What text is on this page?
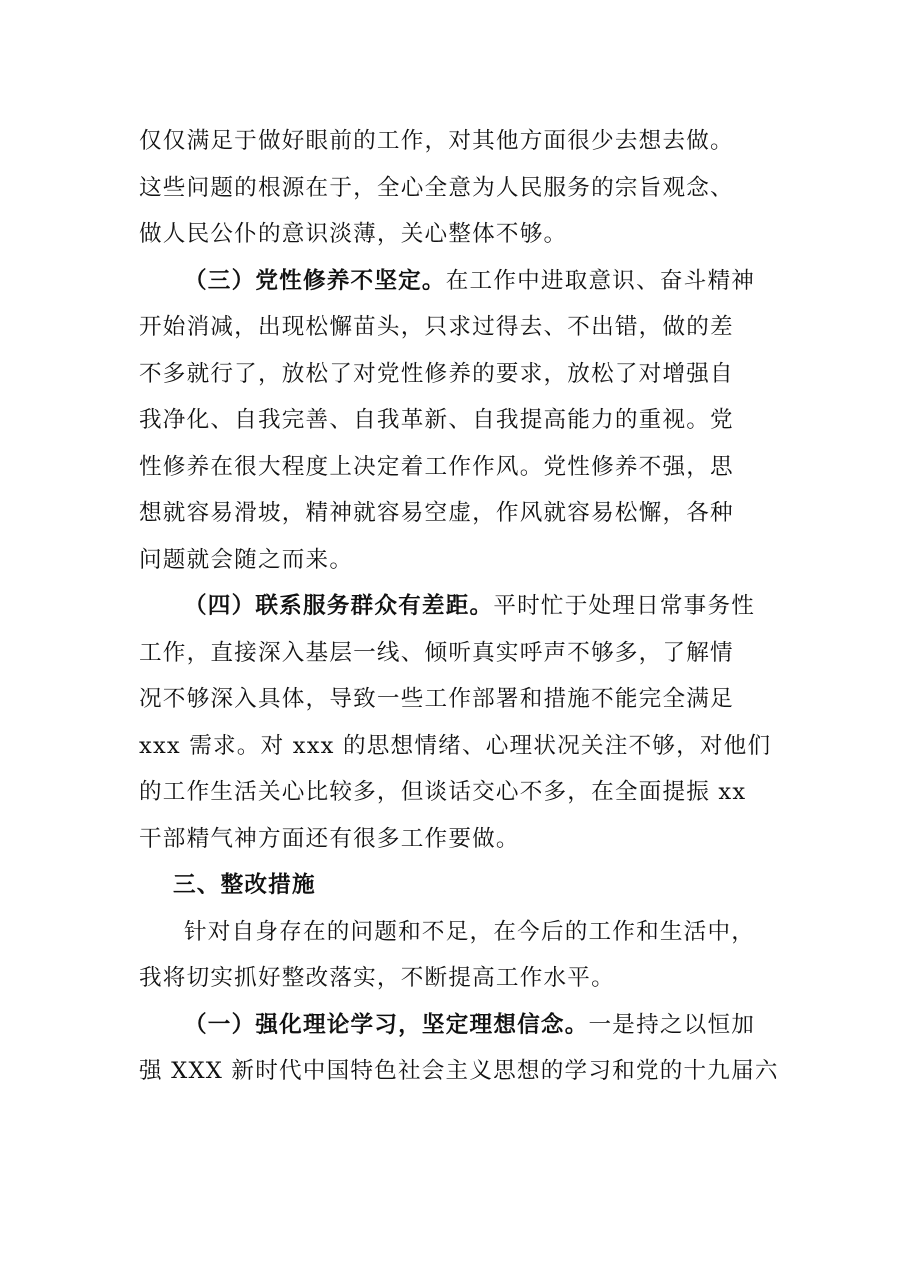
仅仅满足于做好眼前的工作，对其他方面很少去想去做。
这些问题的根源在于，全心全意为人民服务的宗旨观念、
做人民公仆的意识淡薄，关心整体不够。
（三）党性修养不坚定。在工作中进取意识、奋斗精神
开始消减，出现松懈苗头，只求过得去、不出错，做的差
不多就行了，放松了对党性修养的要求，放松了对增强自
我净化、自我完善、自我革新、自我提高能力的重视。党
性修养在很大程度上决定着工作作风。党性修养不强，思
想就容易滑坡，精神就容易空虚，作风就容易松懈，各种
问题就会随之而来。
（四）联系服务群众有差距。平时忙于处理日常事务性
工作，直接深入基层一线、倾听真实呼声不够多，了解情
况不够深入具体，导致一些工作部署和措施不能完全满足
xxx 需求。对 xxx 的思想情绪、心理状况关注不够，对他们
的工作生活关心比较多，但谈话交心不多，在全面提振 xx
干部精气神方面还有很多工作要做。
三、整改措施
针对自身存在的问题和不足，在今后的工作和生活中，
我将切实抓好整改落实，不断提高工作水平。
（一）强化理论学习，坚定理想信念。一是持之以恒加
强 XXX 新时代中国特色社会主义思想的学习和党的十九届六
